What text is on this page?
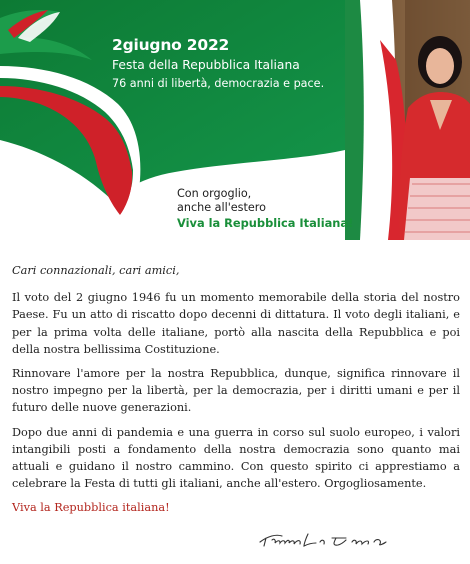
2giugno 2022
Festa della Repubblica Italiana
76 anni di libertà, democrazia e pace.
Con orgoglio,
anche all'estero
Viva la Repubblica Italiana!

Cari connazionali, cari amici,

Il voto del 2 giugno 1946 fu un momento memorabile della storia del nostro Paese. Fu un atto di riscatto dopo decenni di dittatura. Il voto degli italiani, e per la prima volta delle italiane, portò alla nascita della Repubblica e poi della nostra bellissima Costituzione.

Rinnovare l'amore per la nostra Repubblica, dunque, significa rinnovare il nostro impegno per la libertà, per la democrazia, per i diritti umani e per il futuro delle nuove generazioni.

Dopo due anni di pandemia e una guerra in corso sul suolo europeo, i valori intangibili posti a fondamento della nostra democrazia sono quanto mai attuali e guidano il nostro cammino. Con questo spirito ci apprestiamo a celebrare la Festa di tutti gli italiani, anche all'estero. Orgogliosamente.

Viva la Repubblica italiana!
